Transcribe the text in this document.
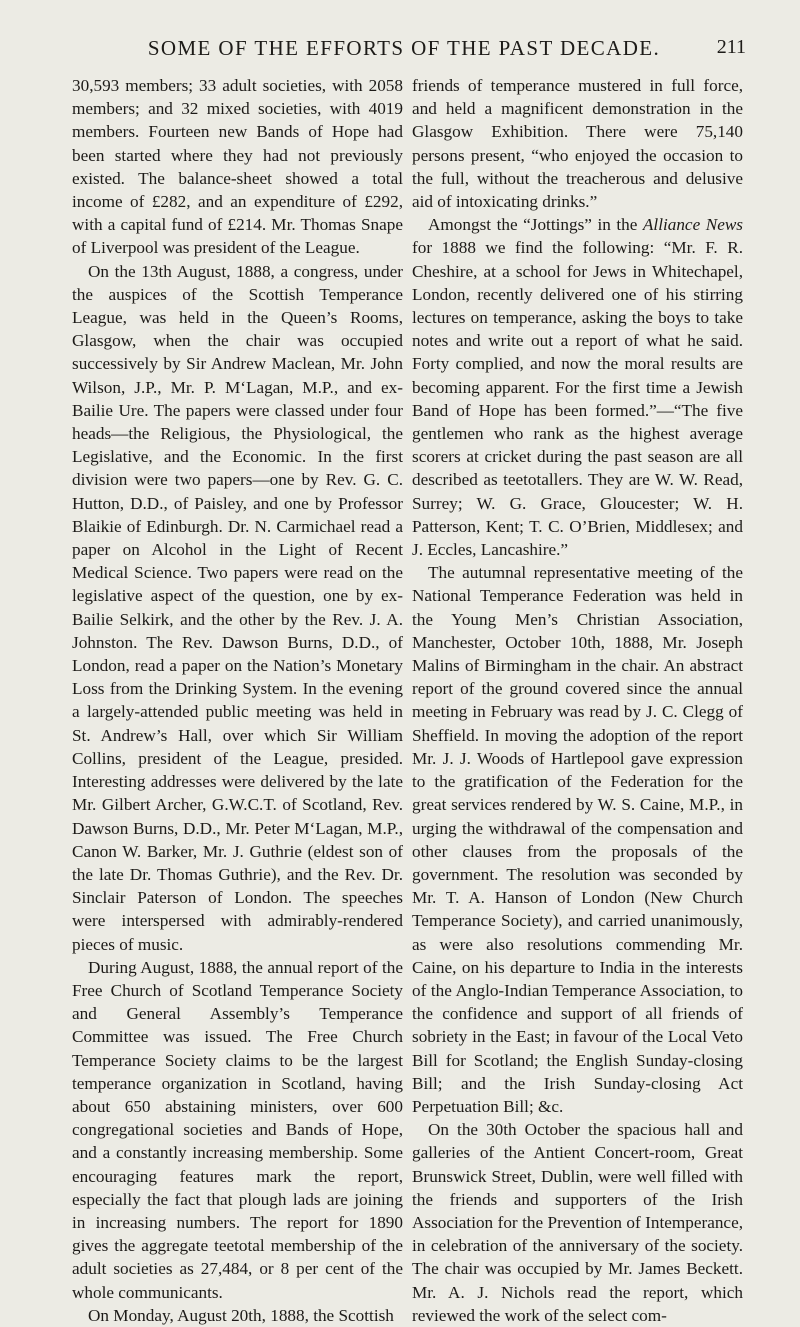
SOME OF THE EFFORTS OF THE PAST DECADE.	211

30,593 members; 33 adult societies, with 2058 members; and 32 mixed societies, with 4019 members. Fourteen new Bands of Hope had been started where they had not previously existed. The balance-sheet showed a total income of £282, and an expenditure of £292, with a capital fund of £214. Mr. Thomas Snape of Liverpool was president of the League.

On the 13th August, 1888, a congress, under the auspices of the Scottish Temperance League, was held in the Queen’s Rooms, Glasgow, when the chair was occupied successively by Sir Andrew Maclean, Mr. John Wilson, J.P., Mr. P. M‘Lagan, M.P., and ex-Bailie Ure. The papers were classed under four heads—the Religious, the Physiological, the Legislative, and the Economic. In the first division were two papers—one by Rev. G. C. Hutton, D.D., of Paisley, and one by Professor Blaikie of Edinburgh. Dr. N. Carmichael read a paper on Alcohol in the Light of Recent Medical Science. Two papers were read on the legislative aspect of the question, one by ex-Bailie Selkirk, and the other by the Rev. J. A. Johnston. The Rev. Dawson Burns, D.D., of London, read a paper on the Nation’s Monetary Loss from the Drinking System. In the evening a largely-attended public meeting was held in St. Andrew’s Hall, over which Sir William Collins, president of the League, presided. Interesting addresses were delivered by the late Mr. Gilbert Archer, G.W.C.T. of Scotland, Rev. Dawson Burns, D.D., Mr. Peter M‘Lagan, M.P., Canon W. Barker, Mr. J. Guthrie (eldest son of the late Dr. Thomas Guthrie), and the Rev. Dr. Sinclair Paterson of London. The speeches were interspersed with admirably-rendered pieces of music.

During August, 1888, the annual report of the Free Church of Scotland Temperance Society and General Assembly’s Temperance Committee was issued. The Free Church Temperance Society claims to be the largest temperance organization in Scotland, having about 650 abstaining ministers, over 600 congregational societies and Bands of Hope, and a constantly increasing membership. Some encouraging features mark the report, especially the fact that plough lads are joining in increasing numbers. The report for 1890 gives the aggregate teetotal membership of the adult societies as 27,484, or 8 per cent of the whole communicants.

On Monday, August 20th, 1888, the Scottish

friends of temperance mustered in full force, and held a magnificent demonstration in the Glasgow Exhibition. There were 75,140 persons present, “who enjoyed the occasion to the full, without the treacherous and delusive aid of intoxicating drinks.”

Amongst the “Jottings” in the Alliance News for 1888 we find the following: “Mr. F. R. Cheshire, at a school for Jews in Whitechapel, London, recently delivered one of his stirring lectures on temperance, asking the boys to take notes and write out a report of what he said. Forty complied, and now the moral results are becoming apparent. For the first time a Jewish Band of Hope has been formed.”—“The five gentlemen who rank as the highest average scorers at cricket during the past season are all described as teetotallers. They are W. W. Read, Surrey; W. G. Grace, Gloucester; W. H. Patterson, Kent; T. C. O’Brien, Middlesex; and J. Eccles, Lancashire.”

The autumnal representative meeting of the National Temperance Federation was held in the Young Men’s Christian Association, Manchester, October 10th, 1888, Mr. Joseph Malins of Birmingham in the chair. An abstract report of the ground covered since the annual meeting in February was read by J. C. Clegg of Sheffield. In moving the adoption of the report Mr. J. J. Woods of Hartlepool gave expression to the gratification of the Federation for the great services rendered by W. S. Caine, M.P., in urging the withdrawal of the compensation and other clauses from the proposals of the government. The resolution was seconded by Mr. T. A. Hanson of London (New Church Temperance Society), and carried unanimously, as were also resolutions commending Mr. Caine, on his departure to India in the interests of the Anglo-Indian Temperance Association, to the confidence and support of all friends of sobriety in the East; in favour of the Local Veto Bill for Scotland; the English Sunday-closing Bill; and the Irish Sunday-closing Act Perpetuation Bill; &c.

On the 30th October the spacious hall and galleries of the Antient Concert-room, Great Brunswick Street, Dublin, were well filled with the friends and supporters of the Irish Association for the Prevention of Intemperance, in celebration of the anniversary of the society. The chair was occupied by Mr. James Beckett. Mr. A. J. Nichols read the report, which reviewed the work of the select com-
